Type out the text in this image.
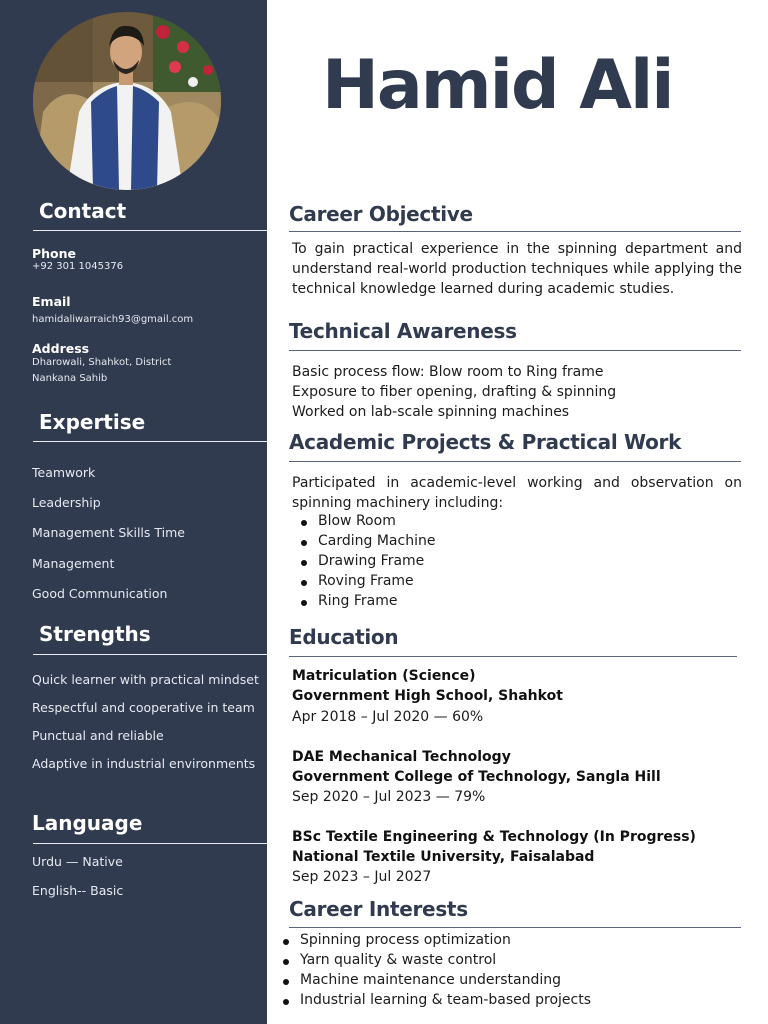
Contact
Phone
+92 301 1045376
Email
hamidaliwarraich93@gmail.com
Address
Dharowali, Shahkot, District
Nankana Sahib
Expertise
Teamwork
Leadership
Management Skills Time
Management
Good Communication
Strengths
Quick learner with practical mindset
Respectful and cooperative in team
Punctual and reliable
Adaptive in industrial environments
Language
Urdu — Native
English-- Basic
Hamid Ali
Career Objective

To gain practical experience in the spinning department and understand real-world production techniques while applying the technical knowledge learned during academic studies.

Technical Awareness
Basic process flow: Blow room to Ring frame
Exposure to fiber opening, drafting & spinning
Worked on lab-scale spinning machines
Academic Projects & Practical Work

Participated in academic-level working and observation on spinning machinery including:

Blow Room
Carding Machine
Drawing Frame
Roving Frame
Ring Frame
Education
Matriculation (Science)
Government High School, Shahkot
Apr 2018 – Jul 2020 — 60%
DAE Mechanical Technology
Government College of Technology, Sangla Hill
Sep 2020 – Jul 2023 — 79%
BSc Textile Engineering & Technology (In Progress)
National Textile University, Faisalabad
Sep 2023 – Jul 2027
Career Interests
Spinning process optimization
Yarn quality & waste control
Machine maintenance understanding
Industrial learning & team-based projects
